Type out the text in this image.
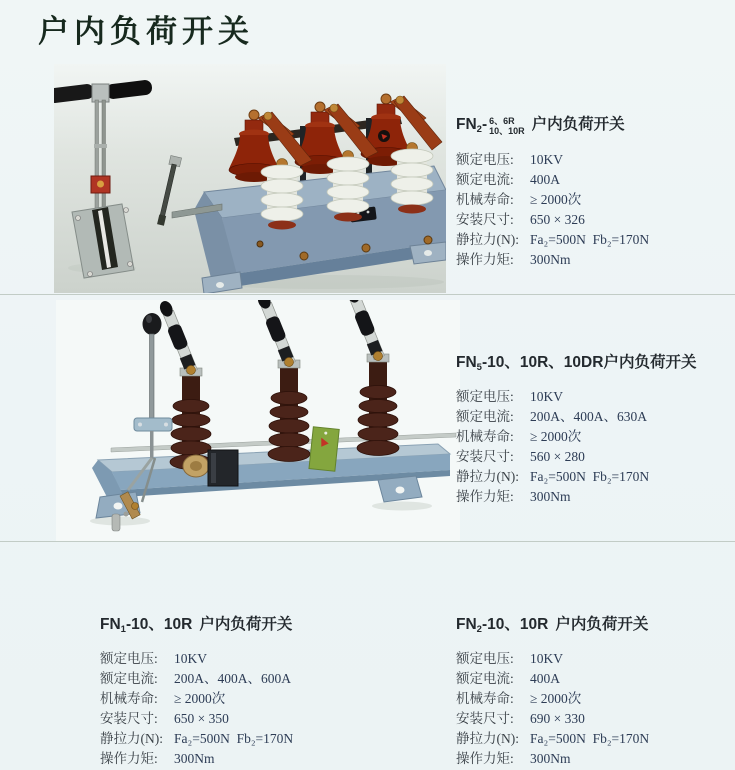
户内负荷开关
$FN_2-$ 6、6R
10、10R 户内负荷开关
额定电压:	10KV
额定电流:	400A
机械寿命:	≥ 2000次
安装尺寸:	650 × 326
静拉力(N): Fa₂=500N  Fb₂=170N
操作力矩:	300Nm
$FN_5-10$、10R、10DR户内负荷开关
额定电压:	10KV
额定电流:	200A、400A、630A
机械寿命:	≥ 2000次
安装尺寸:	560 × 280
静拉力(N): Fa₂=500N  Fb₂=170N
操作力矩:	300Nm
$FN_1-10$、10R 户内负荷开关
额定电压:	10KV
额定电流:	200A、400A、600A
机械寿命:	≥ 2000次
安装尺寸:	650 × 350
静拉力(N): Fa₂=500N  Fb₂=170N
操作力矩:	300Nm
$FN_2-10$、10R 户内负荷开关
额定电压:	10KV
额定电流:	400A
机械寿命:	≥ 2000次
安装尺寸:	690 × 330
静拉力(N): Fa₂=500N  Fb₂=170N
操作力矩:	300Nm
